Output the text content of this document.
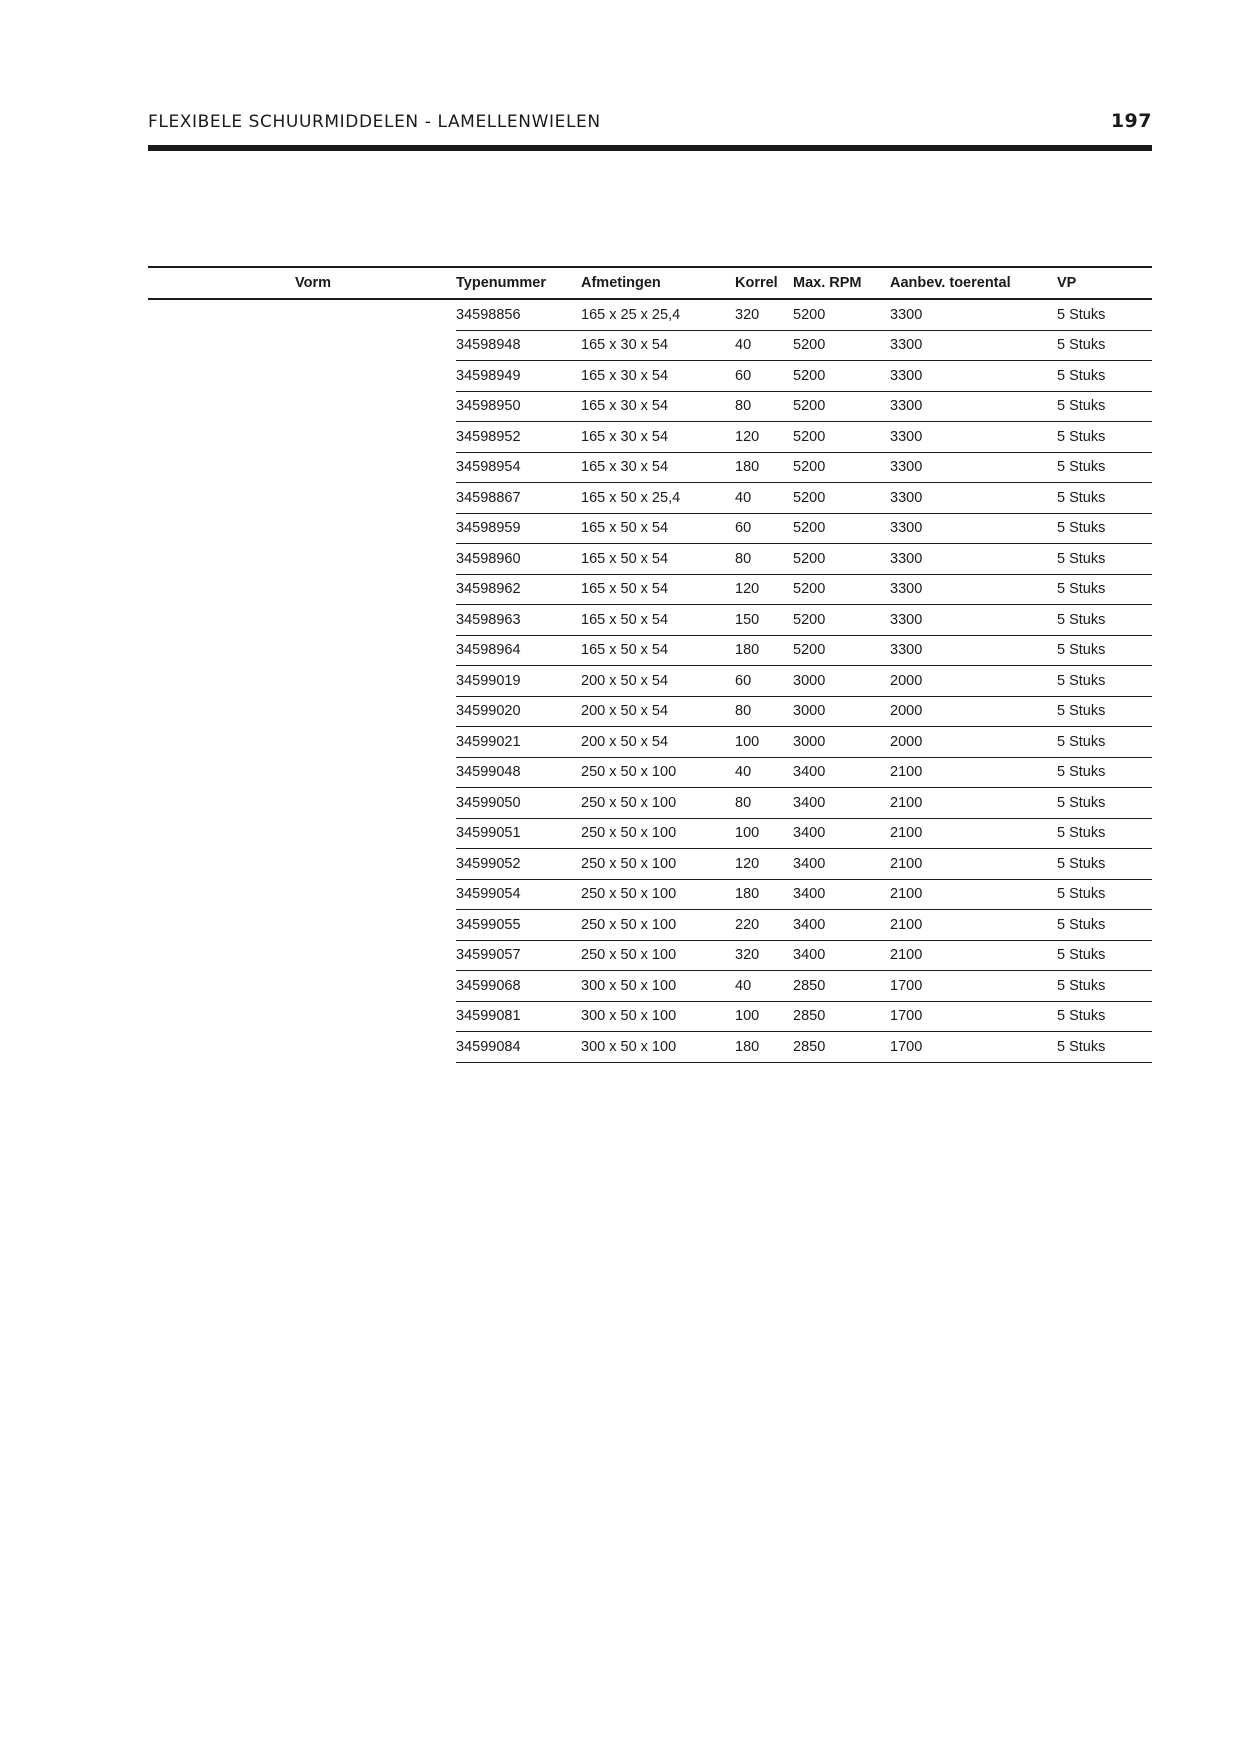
FLEXIBELE SCHUURMIDDELEN - LAMELLENWIELEN	197
Vorm	Typenummer	Afmetingen	Korrel	Max. RPM	Aanbev. toerental	VP
	34598856	165 x 25 x 25,4	320	5200	3300	5 Stuks
	34598948	165 x 30 x 54	40	5200	3300	5 Stuks
	34598949	165 x 30 x 54	60	5200	3300	5 Stuks
	34598950	165 x 30 x 54	80	5200	3300	5 Stuks
	34598952	165 x 30 x 54	120	5200	3300	5 Stuks
	34598954	165 x 30 x 54	180	5200	3300	5 Stuks
	34598867	165 x 50 x 25,4	40	5200	3300	5 Stuks
	34598959	165 x 50 x 54	60	5200	3300	5 Stuks
	34598960	165 x 50 x 54	80	5200	3300	5 Stuks
	34598962	165 x 50 x 54	120	5200	3300	5 Stuks
	34598963	165 x 50 x 54	150	5200	3300	5 Stuks
	34598964	165 x 50 x 54	180	5200	3300	5 Stuks
	34599019	200 x 50 x 54	60	3000	2000	5 Stuks
	34599020	200 x 50 x 54	80	3000	2000	5 Stuks
	34599021	200 x 50 x 54	100	3000	2000	5 Stuks
	34599048	250 x 50 x 100	40	3400	2100	5 Stuks
	34599050	250 x 50 x 100	80	3400	2100	5 Stuks
	34599051	250 x 50 x 100	100	3400	2100	5 Stuks
	34599052	250 x 50 x 100	120	3400	2100	5 Stuks
	34599054	250 x 50 x 100	180	3400	2100	5 Stuks
	34599055	250 x 50 x 100	220	3400	2100	5 Stuks
	34599057	250 x 50 x 100	320	3400	2100	5 Stuks
	34599068	300 x 50 x 100	40	2850	1700	5 Stuks
	34599081	300 x 50 x 100	100	2850	1700	5 Stuks
	34599084	300 x 50 x 100	180	2850	1700	5 Stuks
